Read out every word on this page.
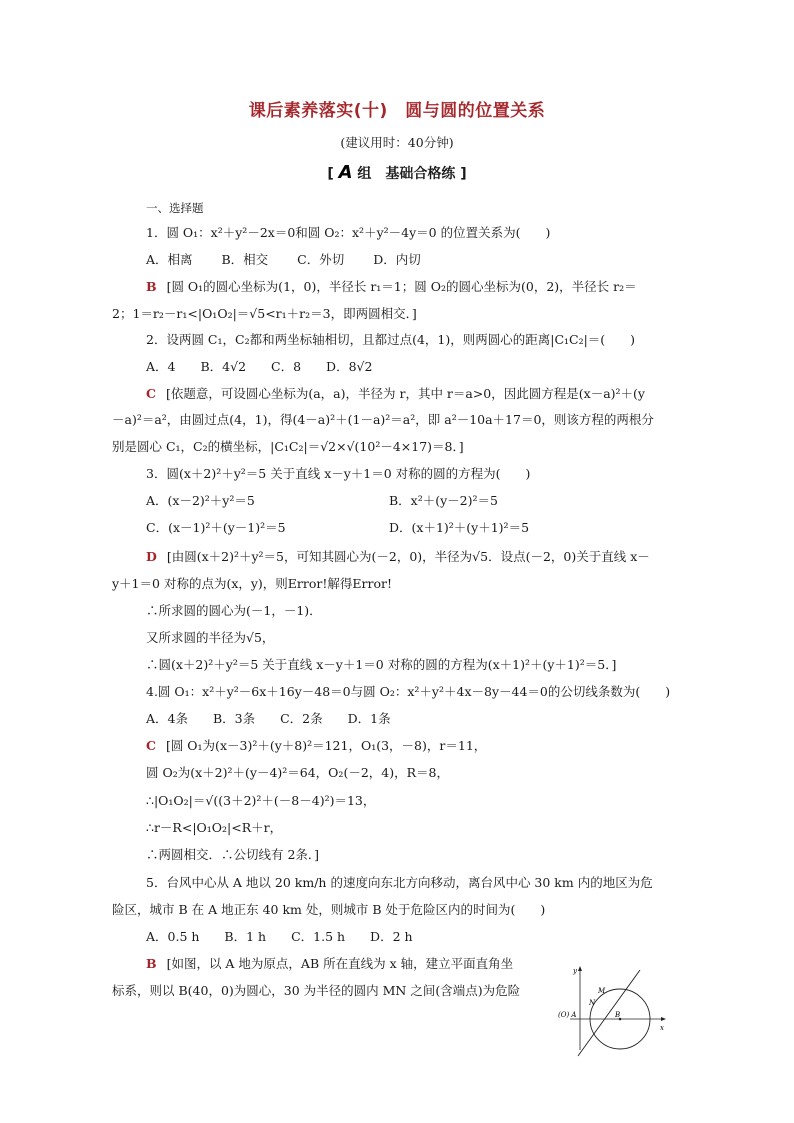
课后素养落实(十)　圆与圆的位置关系
(建议用时：40分钟)
[ A 组　基础合格练 ]
一、选择题
1．圆 O₁：x²＋y²－2x＝0和圆 O₂：x²＋y²－4y＝0 的位置关系为(　　)
A．相离　　 B．相交　　 C．外切　　 D．内切
B [圆 O₁的圆心坐标为(1，0)，半径长 r₁＝1；圆 O₂的圆心坐标为(0，2)，半径长 r₂＝
2；1＝r₂－r₁<|O₁O₂|＝√5<r₁＋r₂＝3，即两圆相交．]
2．设两圆 C₁，C₂都和两坐标轴相切，且都过点(4，1)，则两圆心的距离|C₁C₂|＝(　　)
A．4　　B．4√2　　C．8　　D．8√2
C [依题意，可设圆心坐标为(a，a)，半径为 r，其中 r＝a>0，因此圆方程是(x－a)²＋(y
－a)²＝a²，由圆过点(4，1)，得(4－a)²＋(1－a)²＝a²，即 a²－10a＋17＝0，则该方程的两根分
别是圆心 C₁，C₂的横坐标，|C₁C₂|＝√2×√(10²－4×17)＝8．]
3．圆(x＋2)²＋y²＝5 关于直线 x－y＋1＝0 对称的圆的方程为(　　)
A．(x－2)²＋y²＝5	B．x²＋(y－2)²＝5
C．(x－1)²＋(y－1)²＝5	D．(x＋1)²＋(y＋1)²＝5
D [由圆(x＋2)²＋y²＝5，可知其圆心为(－2，0)，半径为√5．设点(－2，0)关于直线 x－
y＋1＝0 对称的点为(x，y)，则Error!解得Error!
∴所求圆的圆心为(－1，－1)．
又所求圆的半径为√5，
∴圆(x＋2)²＋y²＝5 关于直线 x－y＋1＝0 对称的圆的方程为(x＋1)²＋(y＋1)²＝5．]
4.圆 O₁：x²＋y²－6x＋16y－48＝0与圆 O₂：x²＋y²＋4x－8y－44＝0的公切线条数为(　　)
A．4条　　B．3条　　C．2条　　D．1条
C [圆 O₁为(x－3)²＋(y＋8)²＝121，O₁(3，－8)，r＝11，
圆 O₂为(x＋2)²＋(y－4)²＝64，O₂(－2，4)，R＝8，
∴|O₁O₂|＝√((3＋2)²＋(－8－4)²)＝13，
∴r－R<|O₁O₂|<R＋r，
∴两圆相交．∴公切线有 2条．]
5．台风中心从 A 地以 20 km/h 的速度向东北方向移动，离台风中心 30 km 内的地区为危
险区，城市 B 在 A 地正东 40 km 处，则城市 B 处于危险区内的时间为(　　)
A．0.5 h　　B．1 h　　C．1.5 h　　D．2 h
B [如图，以 A 地为原点，AB 所在直线为 x 轴，建立平面直角坐
标系，则以 B(40，0)为圆心，30 为半径的圆内 MN 之间(含端点)为危险
y
x
(O) A	B
M
N
